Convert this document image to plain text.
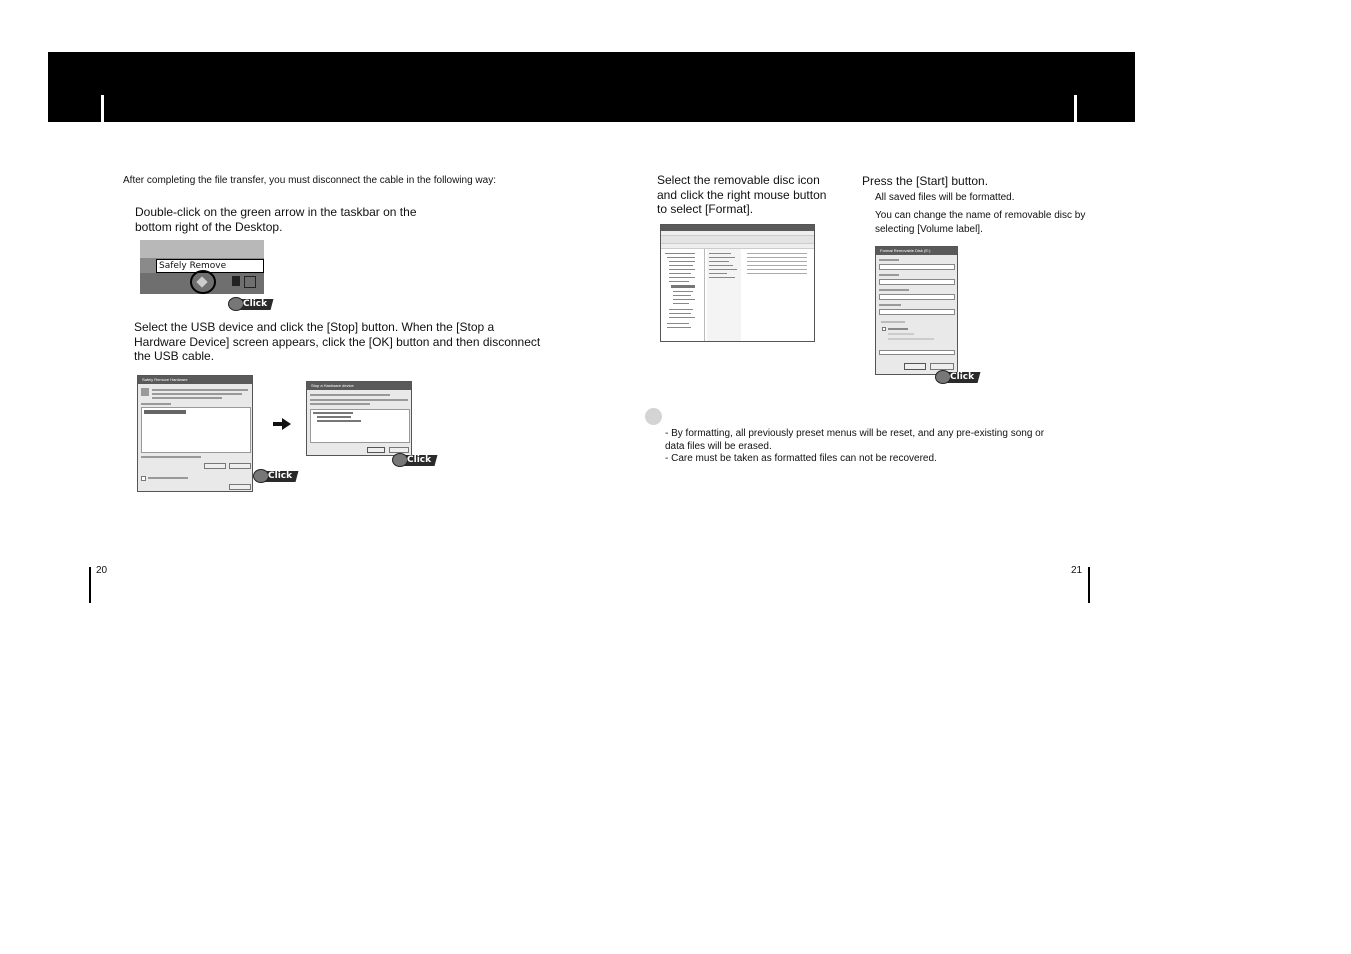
After completing the file transfer, you must disconnect the cable in the following way:
Double-click on the green arrow in the taskbar on the bottom right of the Desktop.
Select the USB device and click the [Stop] button. When the [Stop a Hardware Device] screen appears, click the [OK] button and then disconnect the USB cable.
Safely Remove
Click
Safely Remove Hardware
Click
Stop a Hardware device
Click
Select the removable disc icon and click the right mouse button to select [Format].
Press the [Start] button.
All saved files will be formatted.
You can change the name of removable disc by selecting [Volume label].
Format Removable Disk (E:)
Click
- By formatting, all previously preset menus will be reset, and any pre-existing song or data files will be erased.
- Care must be taken as formatted files can not be recovered.
20	21
